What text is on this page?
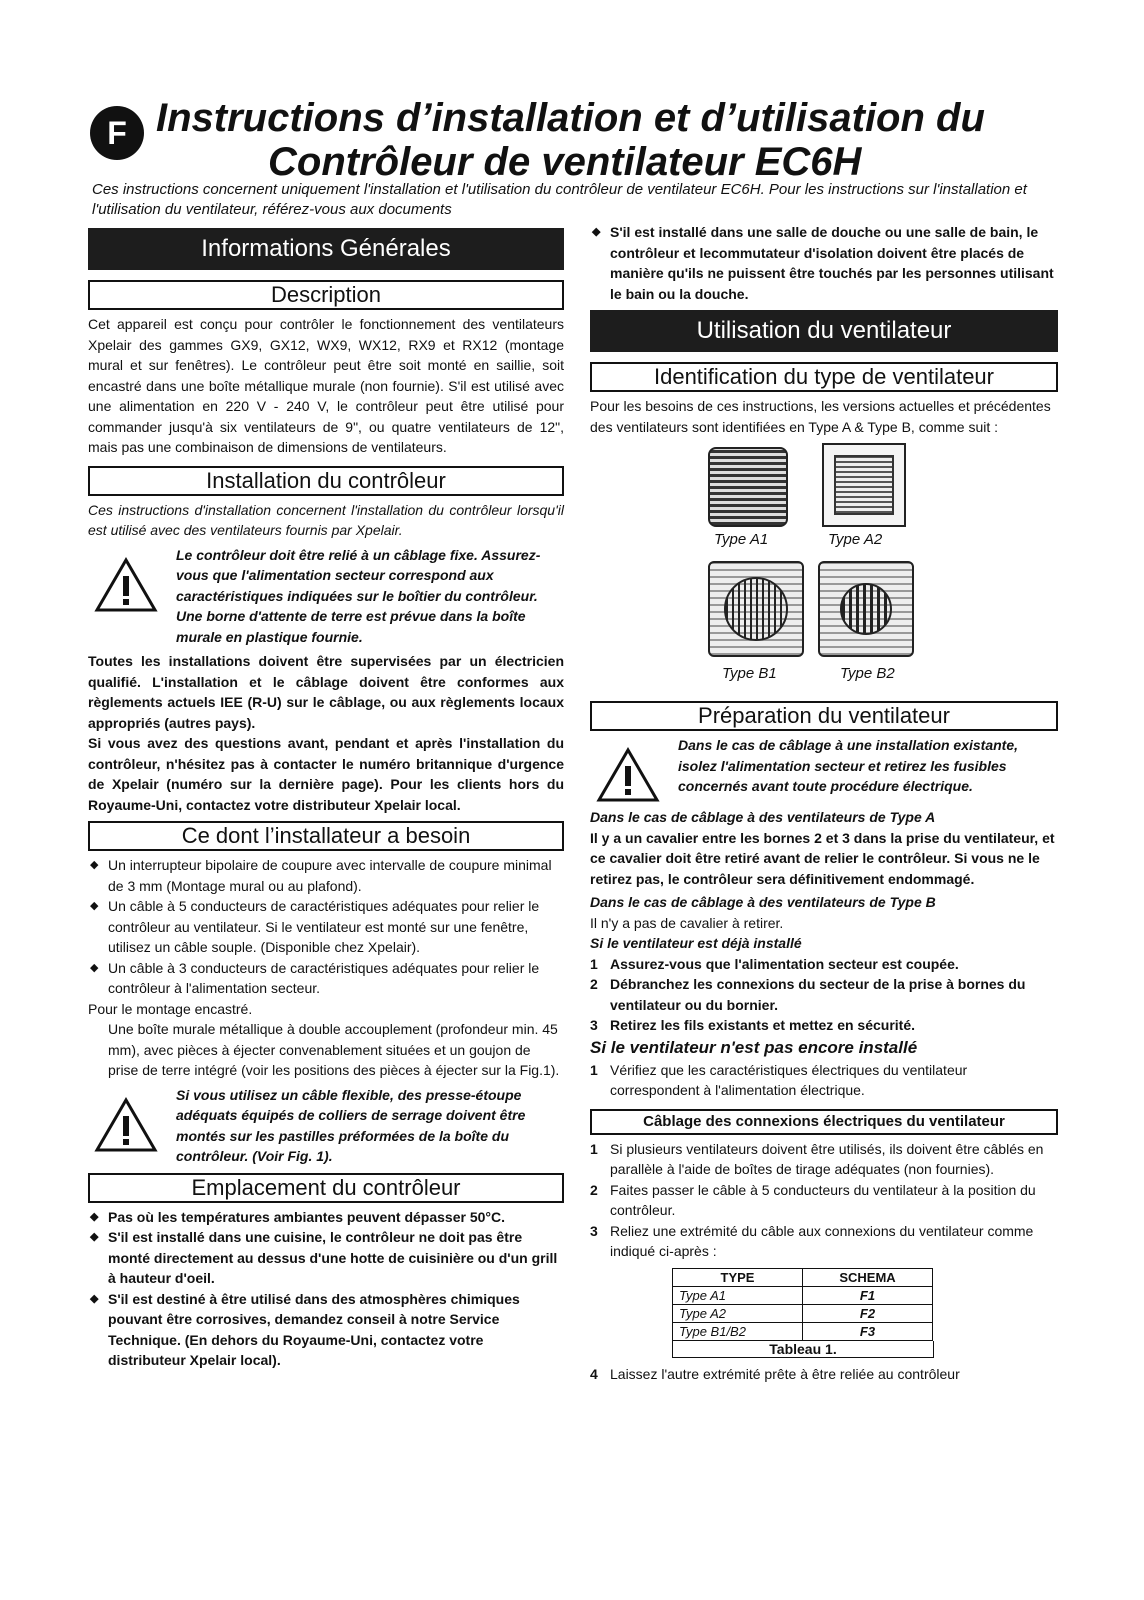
F Instructions d’installation et d’utilisation du
Contrôleur de ventilateur EC6H

Ces instructions concernent uniquement l'installation et l'utilisation du contrôleur de ventilateur EC6H. Pour les instructions sur l'installation et l'utilisation du ventilateur, référez-vous aux documents

Informations Générales
Description

Cet appareil est conçu pour contrôler le fonctionnement des ventilateurs Xpelair des gammes GX9, GX12, WX9, WX12, RX9 et RX12 (montage mural et sur fenêtres). Le contrôleur peut être soit monté en saillie, soit encastré dans une boîte métallique murale (non fournie). S'il est utilisé avec une alimentation en 220 V - 240 V, le contrôleur peut être utilisé pour commander jusqu'à six ventilateurs de 9", ou quatre ventilateurs de 12", mais pas une combinaison de dimensions de ventilateurs.

Installation du contrôleur

Ces instructions d'installation concernent l'installation du contrôleur lorsqu'il est utilisé avec des ventilateurs fournis par Xpelair.

Le contrôleur doit être relié à un câblage fixe. Assurez-vous que l'alimentation secteur correspond aux caractéristiques indiquées sur le boîtier du contrôleur. Une borne d'attente de terre est prévue dans la boîte murale en plastique fournie.

Toutes les installations doivent être supervisées par un électricien qualifié. L'installation et le câblage doivent être conformes aux règlements actuels IEE (R-U) sur le câblage, ou aux règlements locaux appropriés (autres pays).

Si vous avez des questions avant, pendant et après l'installation du contrôleur, n'hésitez pas à contacter le numéro britannique d'urgence de Xpelair (numéro sur la dernière page). Pour les clients hors du Royaume-Uni, contactez votre distributeur Xpelair local.

Ce dont l’installateur a besoin
◆ Un interrupteur bipolaire de coupure avec intervalle de coupure minimal de 3 mm (Montage mural ou au plafond).
◆ Un câble à 5 conducteurs de caractéristiques adéquates pour relier le contrôleur au ventilateur. Si le ventilateur est monté sur une fenêtre, utilisez un câble souple. (Disponible chez Xpelair).
◆ Un câble à 3 conducteurs de caractéristiques adéquates pour relier le contrôleur à l'alimentation secteur.

Pour le montage encastré.

Une boîte murale métallique à double accouplement (profondeur min. 45 mm), avec pièces à éjecter convenablement situées et un goujon de prise de terre intégré (voir les positions des pièces à éjecter sur la Fig.1).

Si vous utilisez un câble flexible, des presse-étoupe adéquats équipés de colliers de serrage doivent être montés sur les pastilles préformées de la boîte du contrôleur. (Voir Fig. 1).
Emplacement du contrôleur
◆ Pas où les températures ambiantes peuvent dépasser 50°C.
◆ S'il est installé dans une cuisine, le contrôleur ne doit pas être monté directement au dessus d'une hotte de cuisinière ou d'un grill à hauteur d'oeil.
◆ S'il est destiné à être utilisé dans des atmosphères chimiques pouvant être corrosives, demandez conseil à notre Service Technique. (En dehors du Royaume-Uni, contactez votre distributeur Xpelair local).
◆ S'il est installé dans une salle de douche ou une salle de bain, le contrôleur et lecommutateur d'isolation doivent être placés de manière qu'ils ne puissent être touchés par les personnes utilisant le bain ou la douche.
Utilisation du ventilateur
Identification du type de ventilateur

Pour les besoins de ces instructions, les versions actuelles et précédentes des ventilateurs sont identifiées en Type A & Type B, comme suit :

Type A1	Type A2
Type B1	Type B2
Préparation du ventilateur
Dans le cas de câblage à une installation existante, isolez l'alimentation secteur et retirez les fusibles concernés avant toute procédure électrique.

Dans le cas de câblage à des ventilateurs de Type A

Il y a un cavalier entre les bornes 2 et 3 dans la prise du ventilateur, et ce cavalier doit être retiré avant de relier le contrôleur. Si vous ne le retirez pas, le contrôleur sera définitivement endommagé.

Dans le cas de câblage à des ventilateurs de Type B

Il n'y a pas de cavalier à retirer.

Si le ventilateur est déjà installé

1 Assurez-vous que l'alimentation secteur est coupée.
2 Débranchez les connexions du secteur de la prise à bornes du ventilateur ou du bornier.
3 Retirez les fils existants et mettez en sécurité.

Si le ventilateur n'est pas encore installé

1 Vérifiez que les caractéristiques électriques du ventilateur correspondent à l'alimentation électrique.
Câblage des connexions électriques du ventilateur
1 Si plusieurs ventilateurs doivent être utilisés, ils doivent être câblés en parallèle à l'aide de boîtes de tirage adéquates (non fournies).
2 Faites passer le câble à 5 conducteurs du ventilateur à la position du contrôleur.
3 Reliez une extrémité du câble aux connexions du ventilateur comme indiqué ci-après :
TYPE	SCHEMA
Type A1	F1
Type A2	F2
Type B1/B2	F3
Tableau 1.
4 Laissez l'autre extrémité prête à être reliée au contrôleur
